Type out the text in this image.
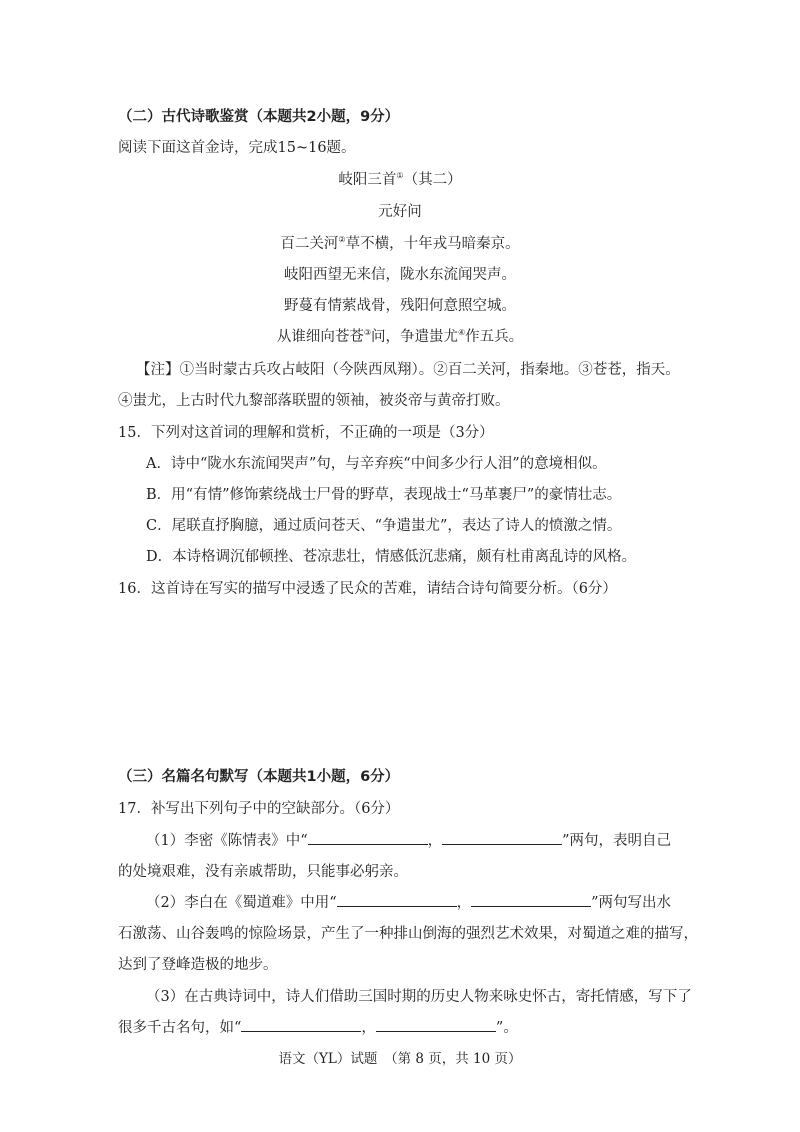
（二）古代诗歌鉴赏（本题共2小题，9分）
阅读下面这首金诗，完成15~16题。
岐阳三首①（其二）
元好问
百二关河②草不横，十年戎马暗秦京。
岐阳西望无来信，陇水东流闻哭声。
野蔓有情萦战骨，残阳何意照空城。
从谁细向苍苍③问，争遣蚩尤④作五兵。
【注】①当时蒙古兵攻占岐阳（今陕西凤翔）。②百二关河，指秦地。③苍苍，指天。
④蚩尤，上古时代九黎部落联盟的领袖，被炎帝与黄帝打败。
15．下列对这首词的理解和赏析，不正确的一项是（3分）
A．诗中“陇水东流闻哭声”句，与辛弃疾“中间多少行人泪”的意境相似。
B．用“有情”修饰萦绕战士尸骨的野草，表现战士“马革裹尸”的豪情壮志。
C．尾联直抒胸臆，通过质问苍天、“争遣蚩尤”，表达了诗人的愤激之情。
D．本诗格调沉郁顿挫、苍凉悲壮，情感低沉悲痛，颇有杜甫离乱诗的风格。
16．这首诗在写实的描写中浸透了民众的苦难，请结合诗句简要分析。（6分）
（三）名篇名句默写（本题共1小题，6分）
17．补写出下列句子中的空缺部分。（6分）
（1）李密《陈情表》中“	，	”两句，表明自己
的处境艰难，没有亲戚帮助，只能事必躬亲。
（2）李白在《蜀道难》中用“	，	”两句写出水
石激荡、山谷轰鸣的惊险场景，产生了一种排山倒海的强烈艺术效果，对蜀道之难的描写，
达到了登峰造极的地步。
（3）在古典诗词中，诗人们借助三国时期的历史人物来咏史怀古，寄托情感，写下了
很多千古名句，如“	，	”。
语文（YL）试题　（第 8 页，共 10 页）
